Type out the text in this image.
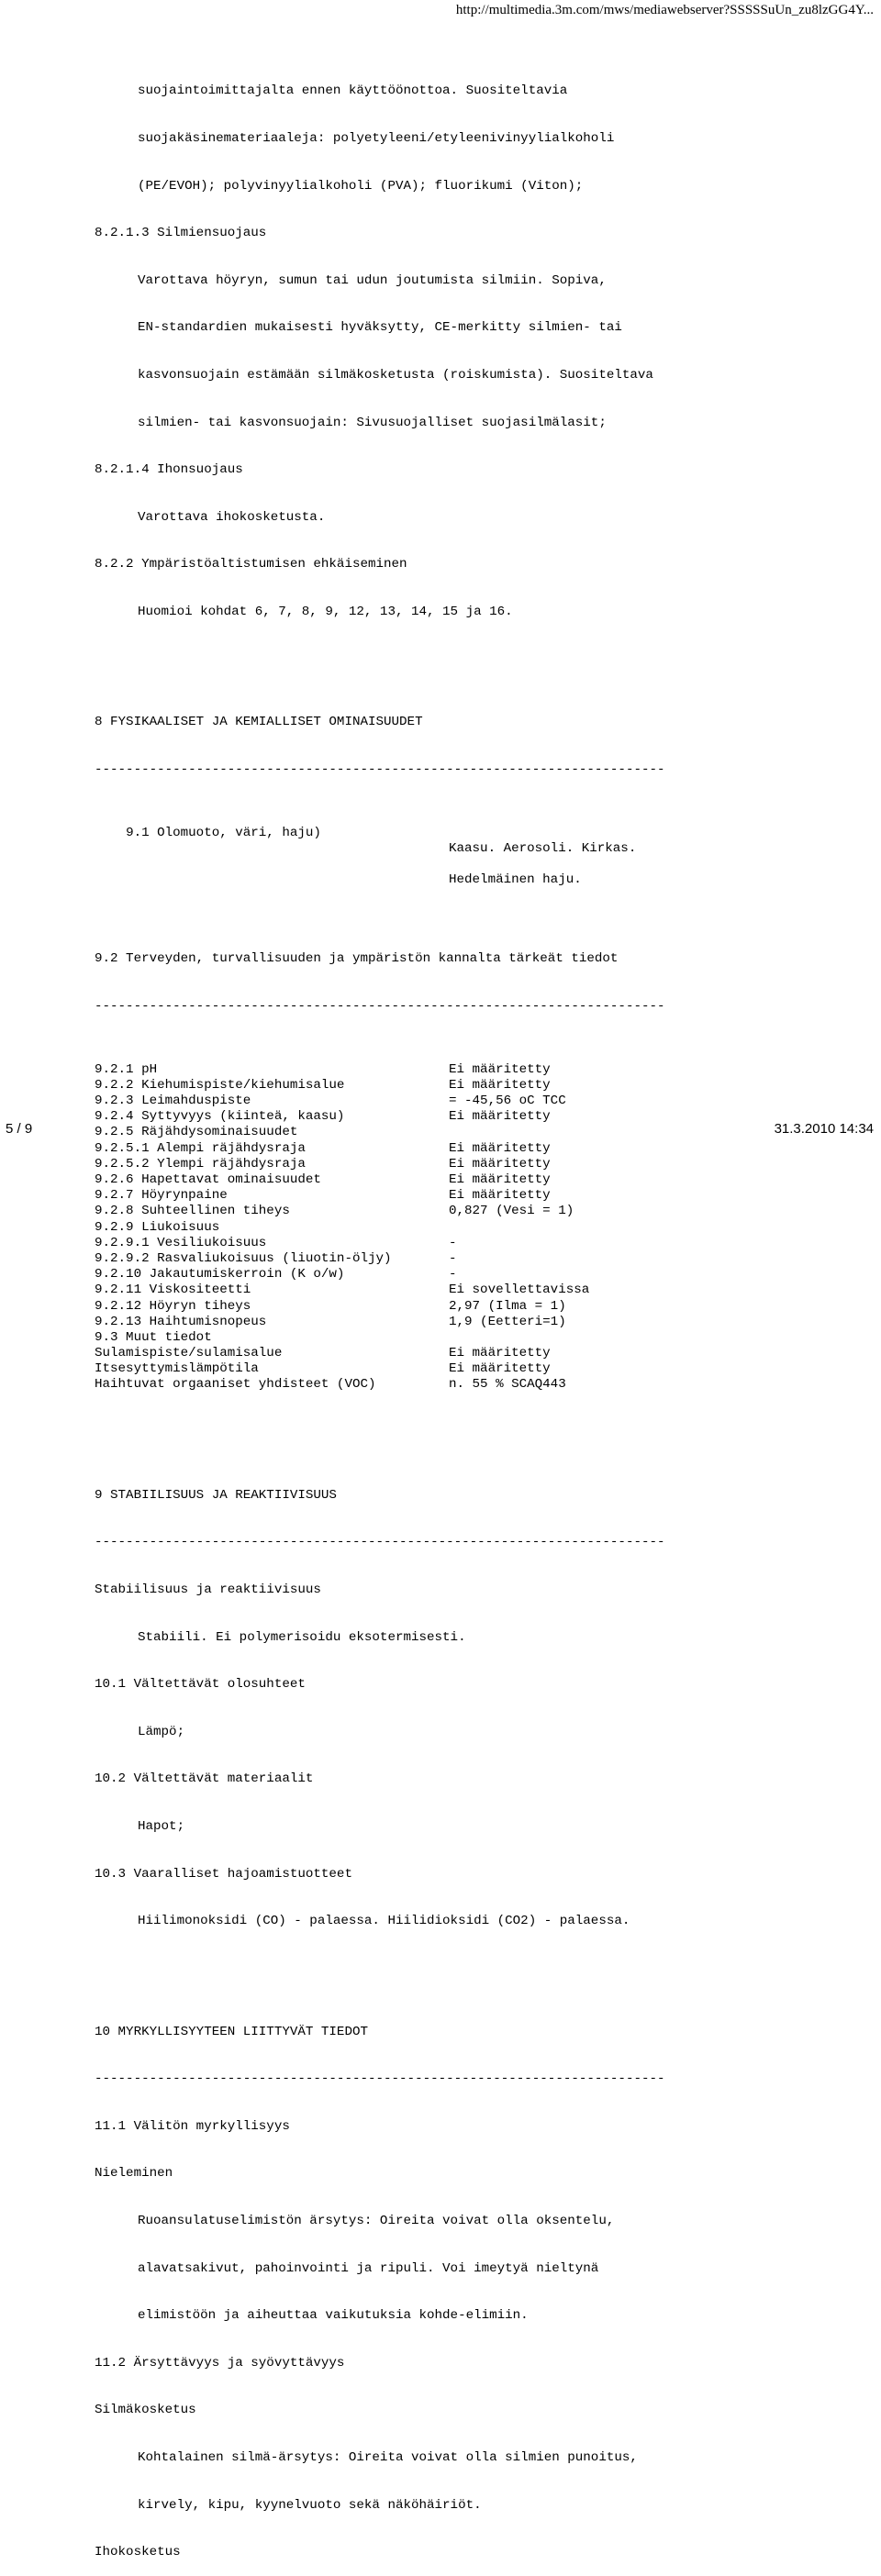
http://multimedia.3m.com/mws/mediawebserver?SSSSSuUn_zu8lzGG4Y...

suojaintoimittajalta ennen käyttöönottoa. Suositeltavia

suojakäsinemateriaaleja: polyetyleeni/etyleenivinyylialkoholi

(PE/EVOH); polyvinyylialkoholi (PVA); fluorikumi (Viton);

8.2.1.3 Silmiensuojaus

Varottava höyryn, sumun tai udun joutumista silmiin. Sopiva,

EN-standardien mukaisesti hyväksytty, CE-merkitty silmien- tai

kasvonsuojain estämään silmäkosketusta (roiskumista). Suositeltava

silmien- tai kasvonsuojain: Sivusuojalliset suojasilmälasit;

8.2.1.4 Ihonsuojaus

Varottava ihokosketusta.

8.2.2 Ympäristöaltistumisen ehkäiseminen

Huomioi kohdat 6, 7, 8, 9, 12, 13, 14, 15 ja 16.

8 FYSIKAALISET JA KEMIALLISET OMINAISUUDET

-------------------------------------------------------------------------

9.1 Olomuoto, väri, haju)

Kaasu. Aerosoli. Kirkas.

Hedelmäinen haju.

9.2 Terveyden, turvallisuuden ja ympäristön kannalta tärkeät tiedot

-------------------------------------------------------------------------

9.2.1 pH	Ei määritetty
9.2.2 Kiehumispiste/kiehumisalue	Ei määritetty
9.2.3 Leimahduspiste	= -45,56 oC TCC
9.2.4 Syttyvyys (kiinteä, kaasu)	Ei määritetty
9.2.5 Räjähdysominaisuudet
9.2.5.1 Alempi räjähdysraja	Ei määritetty
9.2.5.2 Ylempi räjähdysraja	Ei määritetty
9.2.6 Hapettavat ominaisuudet	Ei määritetty
9.2.7 Höyrynpaine	Ei määritetty
9.2.8 Suhteellinen tiheys	0,827 (Vesi = 1)
9.2.9 Liukoisuus
9.2.9.1 Vesiliukoisuus	-
9.2.9.2 Rasvaliukoisuus (liuotin-öljy)	-
9.2.10 Jakautumiskerroin (K o/w)	-
9.2.11 Viskositeetti	Ei sovellettavissa
9.2.12 Höyryn tiheys	2,97 (Ilma = 1)
9.2.13 Haihtumisnopeus	1,9 (Eetteri=1)
9.3 Muut tiedot
Sulamispiste/sulamisalue	Ei määritetty
Itsesyttymislämpötila	Ei määritetty
Haihtuvat orgaaniset yhdisteet (VOC)	n. 55 % SCAQ443

9 STABIILISUUS JA REAKTIIVISUUS

-------------------------------------------------------------------------

Stabiilisuus ja reaktiivisuus

Stabiili. Ei polymerisoidu eksotermisesti.

10.1 Vältettävät olosuhteet

Lämpö;

10.2 Vältettävät materiaalit

Hapot;

10.3 Vaaralliset hajoamistuotteet

Hiilimonoksidi (CO) - palaessa. Hiilidioksidi (CO2) - palaessa.

10 MYRKYLLISYYTEEN LIITTYVÄT TIEDOT

-------------------------------------------------------------------------

11.1 Välitön myrkyllisyys

Nieleminen

Ruoansulatuselimistön ärsytys: Oireita voivat olla oksentelu,

alavatsakivut, pahoinvointi ja ripuli. Voi imeytyä nieltynä

elimistöön ja aiheuttaa vaikutuksia kohde-elimiin.

11.2 Ärsyttävyys ja syövyttävyys

Silmäkosketus

Kohtalainen silmä-ärsytys: Oireita voivat olla silmien punoitus,

kirvely, kipu, kyynelvuoto sekä näköhäiriöt.

Ihokosketus

5 / 9	31.3.2010 14:34
